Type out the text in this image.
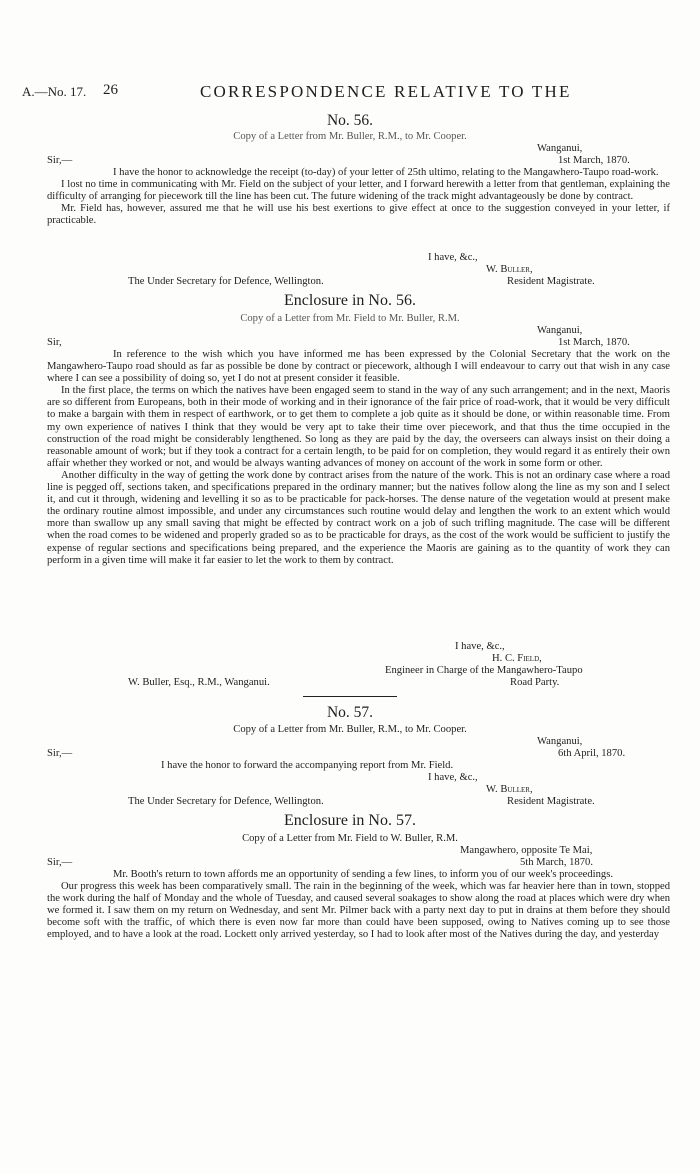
A.—No. 17. 26	CORRESPONDENCE RELATIVE TO THE
No. 56.
Copy of a Letter from Mr. Buller, R.M., to Mr. Cooper.
Wanganui,
Sir,—	1st March, 1870.

I have the honor to acknowledge the receipt (to-day) of your letter of 25th ultimo, relating to the Mangawhero-Taupo road-work.

I lost no time in communicating with Mr. Field on the subject of your letter, and I forward herewith a letter from that gentleman, explaining the difficulty of arranging for piecework till the line has been cut. The future widening of the track might advantageously be done by contract.

Mr. Field has, however, assured me that he will use his best exertions to give effect at once to the suggestion conveyed in your letter, if practicable.

I have, &c.,
W. Buller,
The Under Secretary for Defence, Wellington.	Resident Magistrate.
Enclosure in No. 56.
Copy of a Letter from Mr. Field to Mr. Buller, R.M.
Wanganui,
Sir,	1st March, 1870.

In reference to the wish which you have informed me has been expressed by the Colonial Secretary that the work on the Mangawhero-Taupo road should as far as possible be done by contract or piecework, although I will endeavour to carry out that wish in any case where I can see a possibility of doing so, yet I do not at present consider it feasible.

In the first place, the terms on which the natives have been engaged seem to stand in the way of any such arrangement; and in the next, Maoris are so different from Europeans, both in their mode of working and in their ignorance of the fair price of road-work, that it would be very difficult to make a bargain with them in respect of earthwork, or to get them to complete a job quite as it should be done, or within reasonable time. From my own experience of natives I think that they would be very apt to take their time over piecework, and that thus the time occupied in the construction of the road might be considerably lengthened. So long as they are paid by the day, the overseers can always insist on their doing a reasonable amount of work; but if they took a contract for a certain length, to be paid for on completion, they would regard it as entirely their own affair whether they worked or not, and would be always wanting advances of money on account of the work in some form or other.

Another difficulty in the way of getting the work done by contract arises from the nature of the work. This is not an ordinary case where a road line is pegged off, sections taken, and specifications prepared in the ordinary manner; but the natives follow along the line as my son and I select it, and cut it through, widening and levelling it so as to be practicable for pack-horses. The dense nature of the vegetation would at present make the ordinary routine almost impossible, and under any circumstances such routine would delay and lengthen the work to an extent which would more than swallow up any small saving that might be effected by contract work on a job of such trifling magnitude. The case will be different when the road comes to be widened and properly graded so as to be practicable for drays, as the cost of the work would be sufficient to justify the expense of regular sections and specifications being prepared, and the experience the Maoris are gaining as to the quantity of work they can perform in a given time will make it far easier to let the work to them by contract.

I have, &c.,
H. C. Field,
Engineer in Charge of the Mangawhero-Taupo
W. Buller, Esq., R.M., Wanganui.	Road Party.
No. 57.
Copy of a Letter from Mr. Buller, R.M., to Mr. Cooper.
Wanganui,
Sir,—	6th April, 1870.
I have the honor to forward the accompanying report from Mr. Field.
I have, &c.,
W. Buller,
The Under Secretary for Defence, Wellington.	Resident Magistrate.
Enclosure in No. 57.
Copy of a Letter from Mr. Field to W. Buller, R.M.
Mangawhero, opposite Te Mai,
Sir,—	5th March, 1870.

Mr. Booth's return to town affords me an opportunity of sending a few lines, to inform you of our week's proceedings.

Our progress this week has been comparatively small. The rain in the beginning of the week, which was far heavier here than in town, stopped the work during the half of Monday and the whole of Tuesday, and caused several soakages to show along the road at places which were dry when we formed it. I saw them on my return on Wednesday, and sent Mr. Pilmer back with a party next day to put in drains at them before they should become soft with the traffic, of which there is even now far more than could have been supposed, owing to Natives coming up to see those employed, and to have a look at the road. Lockett only arrived yesterday, so I had to look after most of the Natives during the day, and yesterday
